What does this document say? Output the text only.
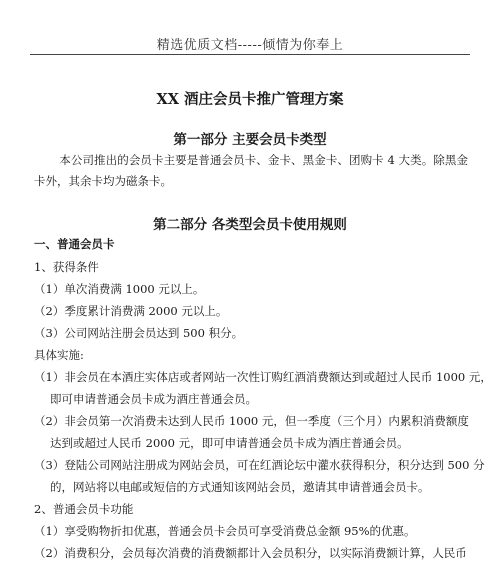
精选优质文档-----倾情为你奉上
XX 酒庄会员卡推广管理方案
第一部分 主要会员卡类型
本公司推出的会员卡主要是普通会员卡、金卡、黑金卡、团购卡 4 大类。除黑金卡外，其余卡均为磁条卡。
第二部分 各类型会员卡使用规则
一、普通会员卡
1、获得条件
（1）单次消费满 1000 元以上。
（2）季度累计消费满 2000 元以上。
（3）公司网站注册会员达到 500 积分。
具体实施:
（1）非会员在本酒庄实体店或者网站一次性订购红酒消费额达到或超过人民币 1000 元，
即可申请普通会员卡成为酒庄普通会员。
（2）非会员第一次消费未达到人民币 1000 元，但一季度（三个月）内累积消费额度
达到或超过人民币 2000 元，即可申请普通会员卡成为酒庄普通会员。
（3）登陆公司网站注册成为网站会员，可在红酒论坛中灌水获得积分，积分达到 500 分
的，网站将以电邮或短信的方式通知该网站会员，邀请其申请普通会员卡。
2、普通会员卡功能
（1）享受购物折扣优惠，普通会员卡会员可享受消费总金额 95%的优惠。
（2）消费积分，会员每次消费的消费额都计入会员积分，以实际消费额计算，人民币
